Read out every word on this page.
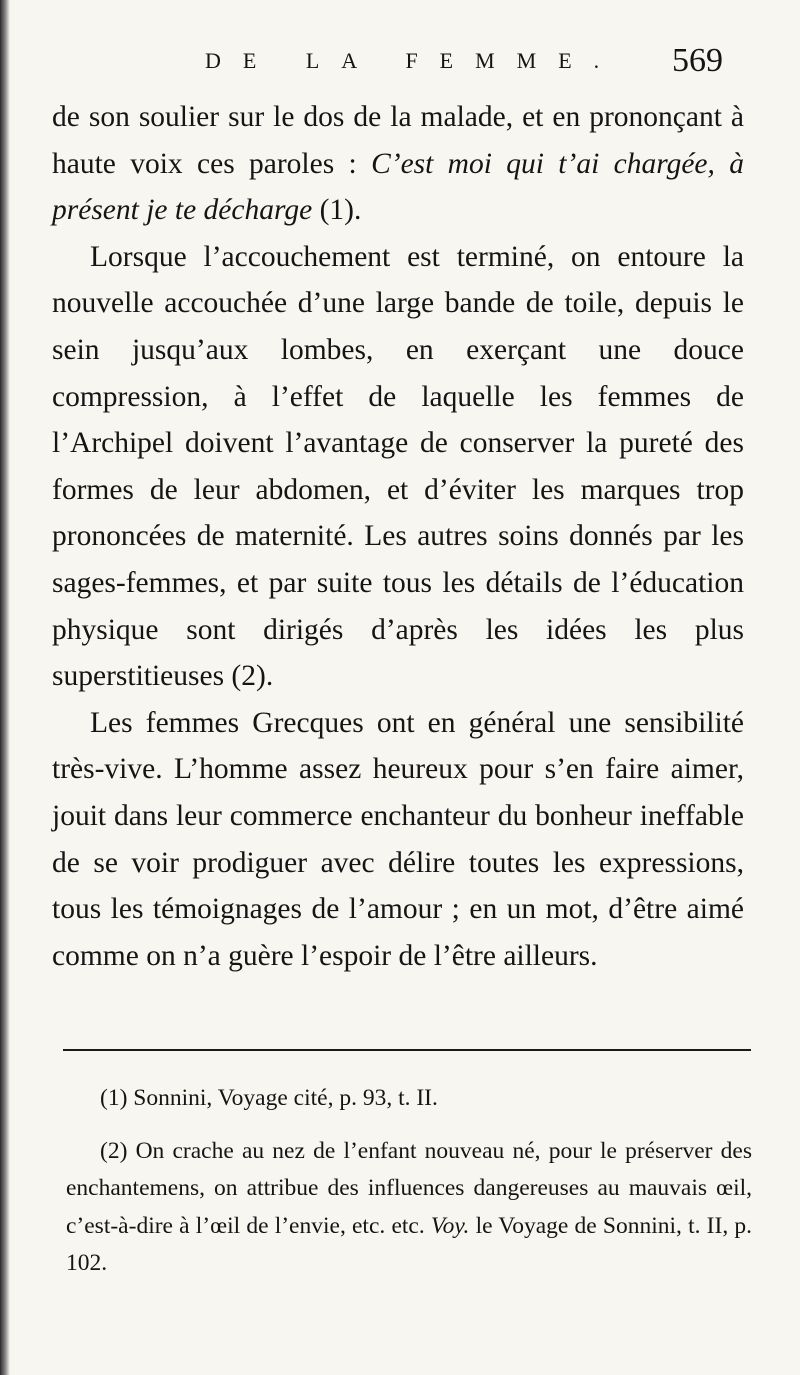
DE LA FEMME. 569

de son soulier sur le dos de la malade, et en prononçant à haute voix ces paroles : C’est moi qui t’ai chargée, à présent je te décharge (1).

Lorsque l’accouchement est terminé, on entoure la nouvelle accouchée d’une large bande de toile, depuis le sein jusqu’aux lombes, en exerçant une douce compression, à l’effet de laquelle les femmes de l’Archipel doivent l’avantage de conserver la pureté des formes de leur abdomen, et d’éviter les marques trop prononcées de maternité. Les autres soins donnés par les sages-femmes, et par suite tous les détails de l’éducation physique sont dirigés d’après les idées les plus superstitieuses (2).

Les femmes Grecques ont en général une sensibilité très-vive. L’homme assez heureux pour s’en faire aimer, jouit dans leur commerce enchanteur du bonheur ineffable de se voir prodiguer avec délire toutes les expressions, tous les témoignages de l’amour ; en un mot, d’être aimé comme on n’a guère l’espoir de l’être ailleurs.

(1) Sonnini, Voyage cité, p. 93, t. II.

(2) On crache au nez de l’enfant nouveau né, pour le préserver des enchantemens, on attribue des influences dangereuses au mauvais œil, c’est-à-dire à l’œil de l’envie, etc. etc. Voy. le Voyage de Sonnini, t. II, p. 102.
